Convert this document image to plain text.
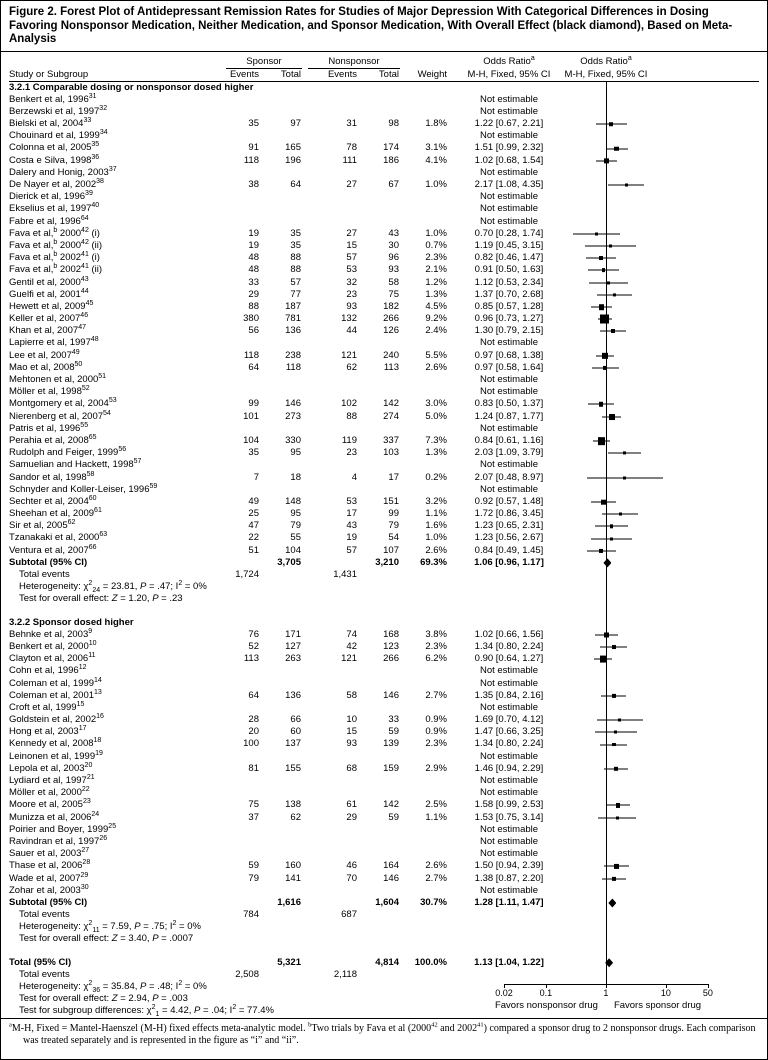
Figure 2. Forest Plot of Antidepressant Remission Rates for Studies of Major Depression With Categorical Differences in Dosing Favoring Nonsponsor Medication, Neither Medication, and Sponsor Medication, With Overall Effect (black diamond), Based on Meta-Analysis
Sponsor	Nonsponsor	Odds Ratio$^a$	Odds Ratio$^a$
Study or Subgroup	Events	Total	Events	Total	Weight	M-H, Fixed, 95% CI	M-H, Fixed, 95% CI
3.2.1 Comparable dosing or nonsponsor dosed higher
Benkert et al, 1996$^{31}$	Not estimable
Berzewski et al, 1997$^{32}$	Not estimable
Bielski et al, 2004$^{33}$	35	97	31	98	1.8%	1.22 [0.67, 2.21]
Chouinard et al, 1999$^{34}$	Not estimable
Colonna et al, 2005$^{35}$	91	165	78	174	3.1%	1.51 [0.99, 2.32]
Costa e Silva, 1998$^{36}$	118	196	111	186	4.1%	1.02 [0.68, 1.54]
Dalery and Honig, 2003$^{37}$	Not estimable
De Nayer et al, 2002$^{38}$	38	64	27	67	1.0%	2.17 [1.08, 4.35]
Dierick et al, 1996$^{39}$	Not estimable
Ekselius et al, 1997$^{40}$	Not estimable
Fabre et al, 1996$^{64}$	Not estimable
Fava et al,$^b$ 2000$^{42}$ (i)	19	35	27	43	1.0%	0.70 [0.28, 1.74]
Fava et al,$^b$ 2000$^{42}$ (ii)	19	35	15	30	0.7%	1.19 [0.45, 3.15]
Fava et al,$^b$ 2002$^{41}$ (i)	48	88	57	96	2.3%	0.82 [0.46, 1.47]
Fava et al,$^b$ 2002$^{41}$ (ii)	48	88	53	93	2.1%	0.91 [0.50, 1.63]
Gentil et al, 2000$^{43}$	33	57	32	58	1.2%	1.12 [0.53, 2.34]
Guelfi et al, 2001$^{44}$	29	77	23	75	1.3%	1.37 [0.70, 2.68]
Hewett et al, 2009$^{45}$	88	187	93	182	4.5%	0.85 [0.57, 1.28]
Keller et al, 2007$^{46}$	380	781	132	266	9.2%	0.96 [0.73, 1.27]
Khan et al, 2007$^{47}$	56	136	44	126	2.4%	1.30 [0.79, 2.15]
Lapierre et al, 1997$^{48}$	Not estimable
Lee et al, 2007$^{49}$	118	238	121	240	5.5%	0.97 [0.68, 1.38]
Mao et al, 2008$^{50}$	64	118	62	113	2.6%	0.97 [0.58, 1.64]
Mehtonen et al, 2000$^{51}$	Not estimable
Möller et al, 1998$^{52}$	Not estimable
Montgomery et al, 2004$^{53}$	99	146	102	142	3.0%	0.83 [0.50, 1.37]
Nierenberg et al, 2007$^{54}$	101	273	88	274	5.0%	1.24 [0.87, 1.77]
Patris et al, 1996$^{55}$	Not estimable
Perahia et al, 2008$^{65}$	104	330	119	337	7.3%	0.84 [0.61, 1.16]
Rudolph and Feiger, 1999$^{56}$	35	95	23	103	1.3%	2.03 [1.09, 3.79]
Samuelian and Hackett, 1998$^{57}$	Not estimable
Sandor et al, 1998$^{58}$	7	18	4	17	0.2%	2.07 [0.48, 8.97]
Schnyder and Koller-Leiser, 1996$^{59}$	Not estimable
Sechter et al, 2004$^{60}$	49	148	53	151	3.2%	0.92 [0.57, 1.48]
Sheehan et al, 2009$^{61}$	25	95	17	99	1.1%	1.72 [0.86, 3.45]
Sir et al, 2005$^{62}$	47	79	43	79	1.6%	1.23 [0.65, 2.31]
Tzanakaki et al, 2000$^{63}$	22	55	19	54	1.0%	1.23 [0.56, 2.67]
Ventura et al, 2007$^{66}$	51	104	57	107	2.6%	0.84 [0.49, 1.45]
Subtotal (95% CI)	3,705	3,210	69.3%	1.06 [0.96, 1.17]
Total events	1,724	1,431
Heterogeneity: $\chi^2_{24} = 23.81$, P = .47; $I^2 = 0\%$
Test for overall effect: Z = 1.20, P = .23
3.2.2 Sponsor dosed higher
Behnke et al, 2003$^9$	76	171	74	168	3.8%	1.02 [0.66, 1.56]
Benkert et al, 2000$^{10}$	52	127	42	123	2.3%	1.34 [0.80, 2.24]
Clayton et al, 2006$^{11}$	113	263	121	266	6.2%	0.90 [0.64, 1.27]
Cohn et al, 1996$^{12}$	Not estimable
Coleman et al, 1999$^{14}$	Not estimable
Coleman et al, 2001$^{13}$	64	136	58	146	2.7%	1.35 [0.84, 2.16]
Croft et al, 1999$^{15}$	Not estimable
Goldstein et al, 2002$^{16}$	28	66	10	33	0.9%	1.69 [0.70, 4.12]
Hong et al, 2003$^{17}$	20	60	15	59	0.9%	1.47 [0.66, 3.25]
Kennedy et al, 2008$^{18}$	100	137	93	139	2.3%	1.34 [0.80, 2.24]
Leinonen et al, 1999$^{19}$	Not estimable
Lepola et al, 2003$^{20}$	81	155	68	159	2.9%	1.46 [0.94, 2.29]
Lydiard et al, 1997$^{21}$	Not estimable
Möller et al, 2000$^{22}$	Not estimable
Moore et al, 2005$^{23}$	75	138	61	142	2.5%	1.58 [0.99, 2.53]
Munizza et al, 2006$^{24}$	37	62	29	59	1.1%	1.53 [0.75, 3.14]
Poirier and Boyer, 1999$^{25}$	Not estimable
Ravindran et al, 1997$^{26}$	Not estimable
Sauer et al, 2003$^{27}$	Not estimable
Thase et al, 2006$^{28}$	59	160	46	164	2.6%	1.50 [0.94, 2.39]
Wade et al, 2007$^{29}$	79	141	70	146	2.7%	1.38 [0.87, 2.20]
Zohar et al, 2003$^{30}$	Not estimable
Subtotal (95% CI)	1,616	1,604	30.7%	1.28 [1.11, 1.47]
Total events	784	687
Heterogeneity: $\chi^2_{11} = 7.59$, P = .75; $I^2 = 0\%$
Test for overall effect: Z = 3.40, P = .0007
Total (95% CI)	5,321	4,814	100.0%	1.13 [1.04, 1.22]
Total events	2,508	2,118
Heterogeneity: $\chi^2_{36} = 35.84$, P = .48; $I^2 = 0\%$
Test for overall effect: Z = 2.94, P = .003
Test for subgroup differences: $\chi^2_1 = 4.42$, P = .04; $I^2 = 77.4\%$
0.02	0.1	1	10	50
Favors nonsponsor drug Favors sponsor drug

$^a$M-H, Fixed = Mantel-Haenszel (M-H) fixed effects meta-analytic model. $^b$Two trials by Fava et al (2000$^{42}$ and 2002$^{41}$) compared a sponsor drug to 2 nonsponsor drugs. Each comparison was treated separately and is represented in the figure as “i” and “ii”.
